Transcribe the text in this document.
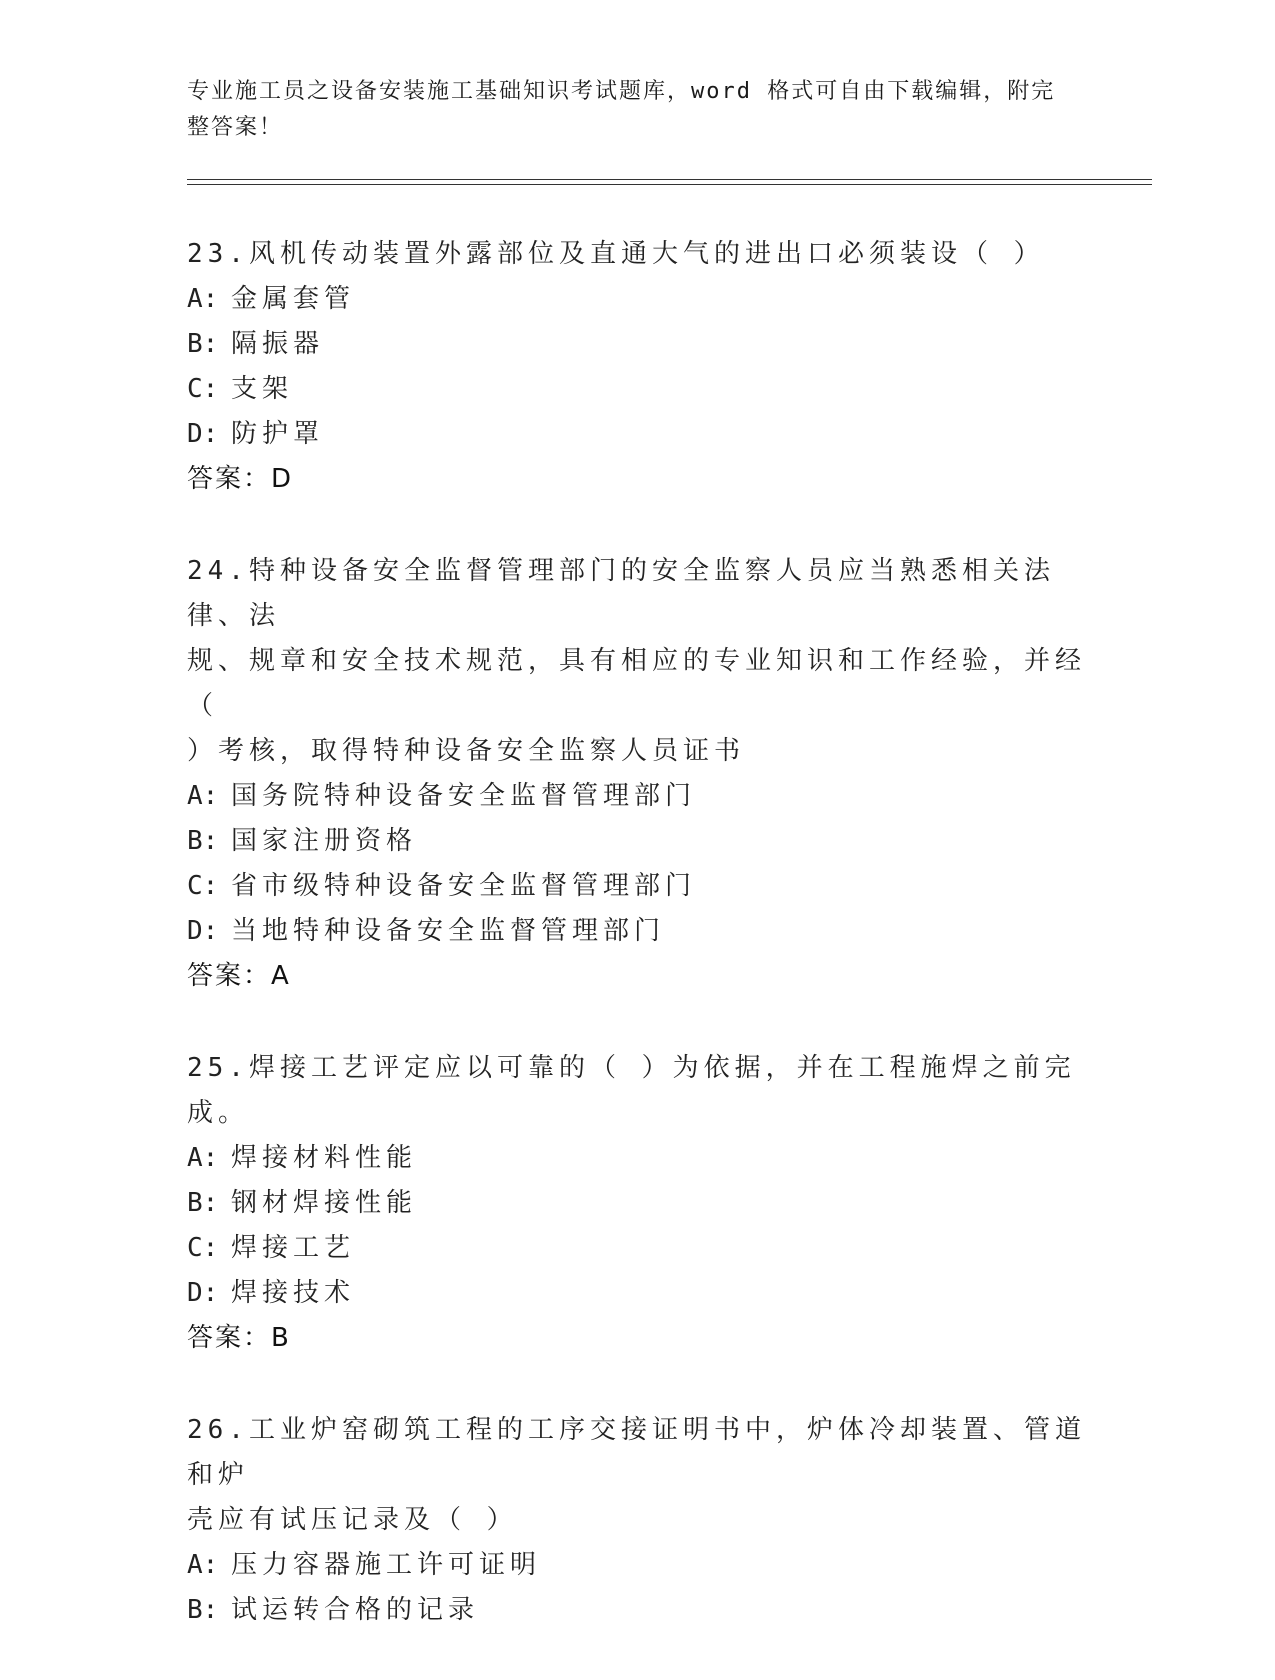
专业施工员之设备安装施工基础知识考试题库，word 格式可自由下载编辑，附完
整答案！
23.风机传动装置外露部位及直通大气的进出口必须装设（ ）
A: 金属套管
B: 隔振器
C: 支架
D: 防护罩
答案：D
24.特种设备安全监督管理部门的安全监察人员应当熟悉相关法律、法
规、规章和安全技术规范，具有相应的专业知识和工作经验，并经（
）考核，取得特种设备安全监察人员证书
A: 国务院特种设备安全监督管理部门
B: 国家注册资格
C: 省市级特种设备安全监督管理部门
D: 当地特种设备安全监督管理部门
答案：A
25.焊接工艺评定应以可靠的（ ）为依据，并在工程施焊之前完成。
A: 焊接材料性能
B: 钢材焊接性能
C: 焊接工艺
D: 焊接技术
答案：B
26.工业炉窑砌筑工程的工序交接证明书中，炉体冷却装置、管道和炉
壳应有试压记录及（ ）
A: 压力容器施工许可证明
B: 试运转合格的记录
